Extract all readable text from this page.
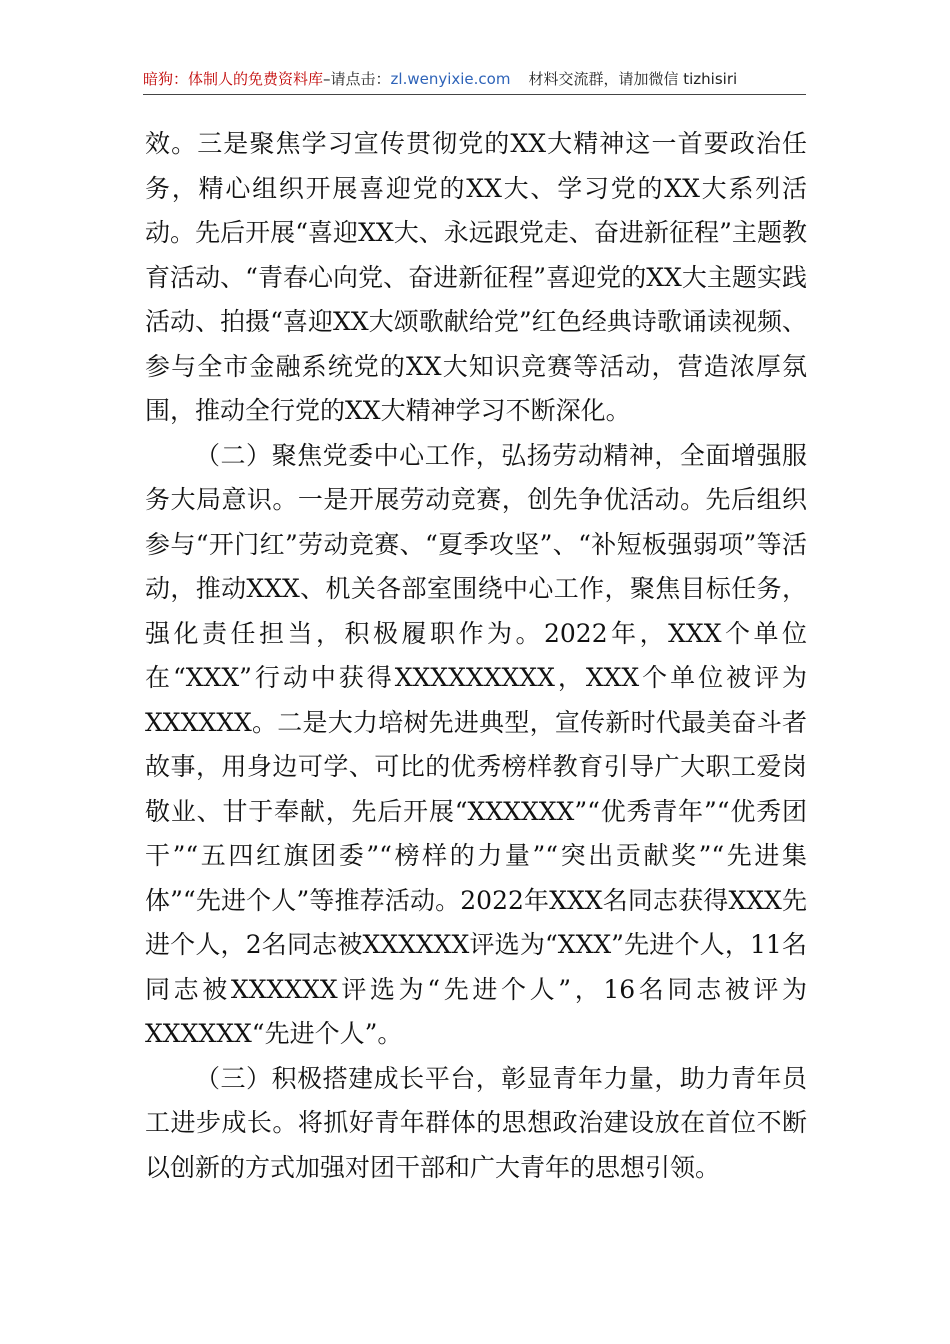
暗狗：体制人的免费资料库–请点击：zl.wenyixie.com 材料交流群，请加微信 tizhisiri

效。三是聚焦学习宣传贯彻党的XX大精神这一首要政治任务，精心组织开展喜迎党的XX大、学习党的XX大系列活动。先后开展“喜迎XX大、永远跟党走、奋进新征程”主题教育活动、“青春心向党、奋进新征程”喜迎党的XX大主题实践活动、拍摄“喜迎XX大颂歌献给党”红色经典诗歌诵读视频、参与全市金融系统党的XX大知识竞赛等活动，营造浓厚氛围，推动全行党的XX大精神学习不断深化。

（二）聚焦党委中心工作，弘扬劳动精神，全面增强服务大局意识。一是开展劳动竞赛，创先争优活动。先后组织参与“开门红”劳动竞赛、“夏季攻坚”、“补短板强弱项”等活动，推动XXX、机关各部室围绕中心工作，聚焦目标任务，强化责任担当，积极履职作为。2022年，XXX个单位在“XXX”行动中获得XXXXXXXXX，XXX个单位被评为XXXXXX。二是大力培树先进典型，宣传新时代最美奋斗者故事，用身边可学、可比的优秀榜样教育引导广大职工爱岗敬业、甘于奉献，先后开展“XXXXXX”“优秀青年”“优秀团干”“五四红旗团委”“榜样的力量”“突出贡献奖”“先进集体”“先进个人”等推荐活动。2022年XXX名同志获得XXX先进个人，2名同志被XXXXXX评选为“XXX”先进个人，11名同志被XXXXXX评选为“先进个人”，16名同志被评为XXXXXX“先进个人”。

（三）积极搭建成长平台，彰显青年力量，助力青年员工进步成长。将抓好青年群体的思想政治建设放在首位不断以创新的方式加强对团干部和广大青年的思想引领。
